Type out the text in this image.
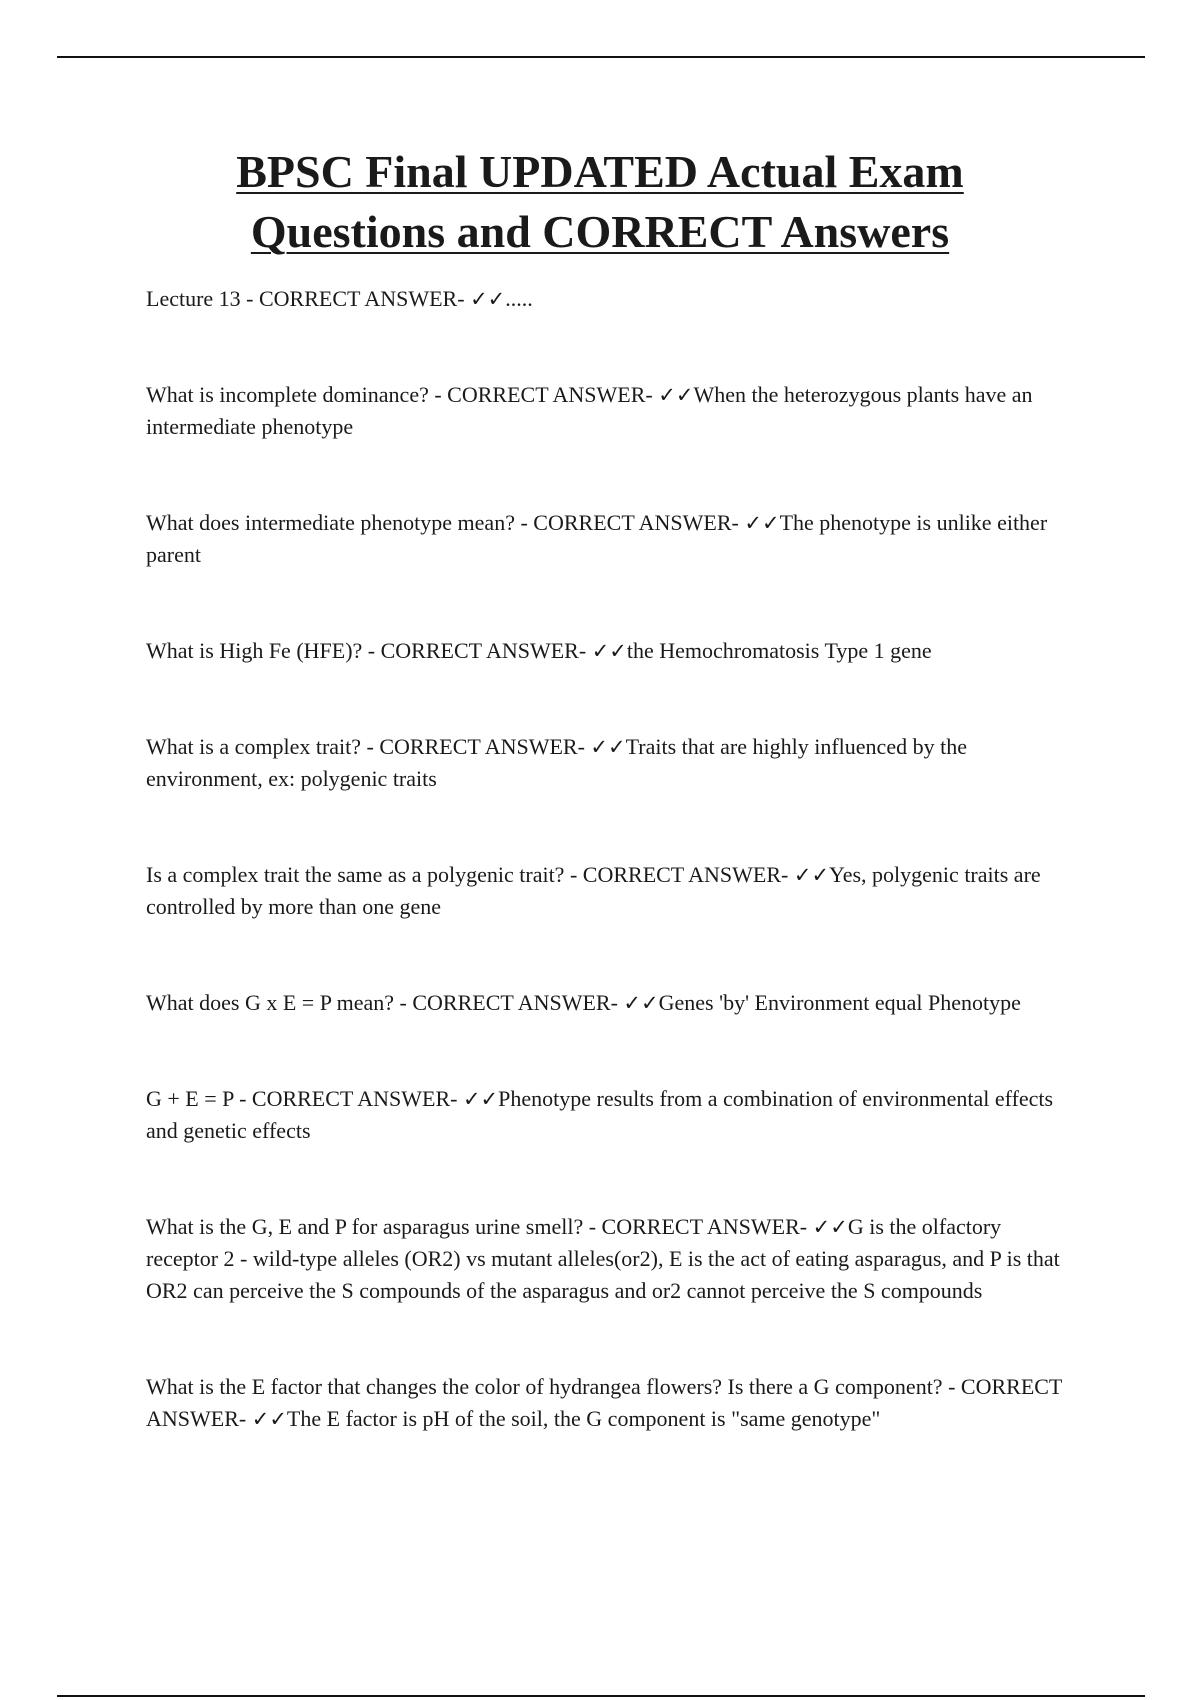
BPSC Final UPDATED Actual Exam
Questions and CORRECT Answers

Lecture 13 - CORRECT ANSWER- ✓✓.....

What is incomplete dominance? - CORRECT ANSWER- ✓✓When the heterozygous plants have an intermediate phenotype

What does intermediate phenotype mean? - CORRECT ANSWER- ✓✓The phenotype is unlike either parent

What is High Fe (HFE)? - CORRECT ANSWER- ✓✓the Hemochromatosis Type 1 gene

What is a complex trait? - CORRECT ANSWER- ✓✓Traits that are highly influenced by the environment, ex: polygenic traits

Is a complex trait the same as a polygenic trait? - CORRECT ANSWER- ✓✓Yes, polygenic traits are controlled by more than one gene

What does G x E = P mean? - CORRECT ANSWER- ✓✓Genes 'by' Environment equal Phenotype

G + E = P - CORRECT ANSWER- ✓✓Phenotype results from a combination of environmental effects and genetic effects

What is the G, E and P for asparagus urine smell? - CORRECT ANSWER- ✓✓G is the olfactory receptor 2 - wild-type alleles (OR2) vs mutant alleles(or2), E is the act of eating asparagus, and P is that OR2 can perceive the S compounds of the asparagus and or2 cannot perceive the S compounds

What is the E factor that changes the color of hydrangea flowers? Is there a G component? - CORRECT ANSWER- ✓✓The E factor is pH of the soil, the G component is "same genotype"
